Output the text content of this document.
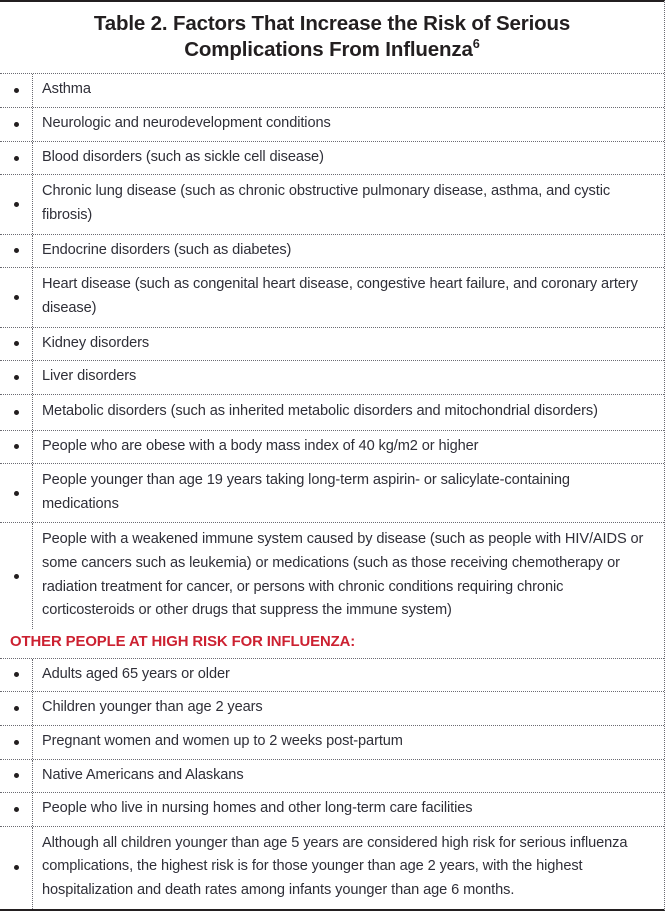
Table 2. Factors That Increase the Risk of Serious Complications From Influenza$^6$
Asthma
Neurologic and neurodevelopment conditions
Blood disorders (such as sickle cell disease)
Chronic lung disease (such as chronic obstructive pulmonary disease, asthma, and cystic fibrosis)
Endocrine disorders (such as diabetes)
Heart disease (such as congenital heart disease, congestive heart failure, and coronary artery disease)
Kidney disorders
Liver disorders
Metabolic disorders (such as inherited metabolic disorders and mitochondrial disorders)
People who are obese with a body mass index of 40 kg/m2 or higher
People younger than age 19 years taking long-term aspirin- or salicylate-containing medications
People with a weakened immune system caused by disease (such as people with HIV/AIDS or some cancers such as leukemia) or medications (such as those receiving chemotherapy or radiation treatment for cancer, or persons with chronic conditions requiring chronic corticosteroids or other drugs that suppress the immune system)
OTHER PEOPLE AT HIGH RISK FOR INFLUENZA:
Adults aged 65 years or older
Children younger than age 2 years
Pregnant women and women up to 2 weeks post-partum
Native Americans and Alaskans
People who live in nursing homes and other long-term care facilities
Although all children younger than age 5 years are considered high risk for serious influenza complications, the highest risk is for those younger than age 2 years, with the highest hospitalization and death rates among infants younger than age 6 months.
